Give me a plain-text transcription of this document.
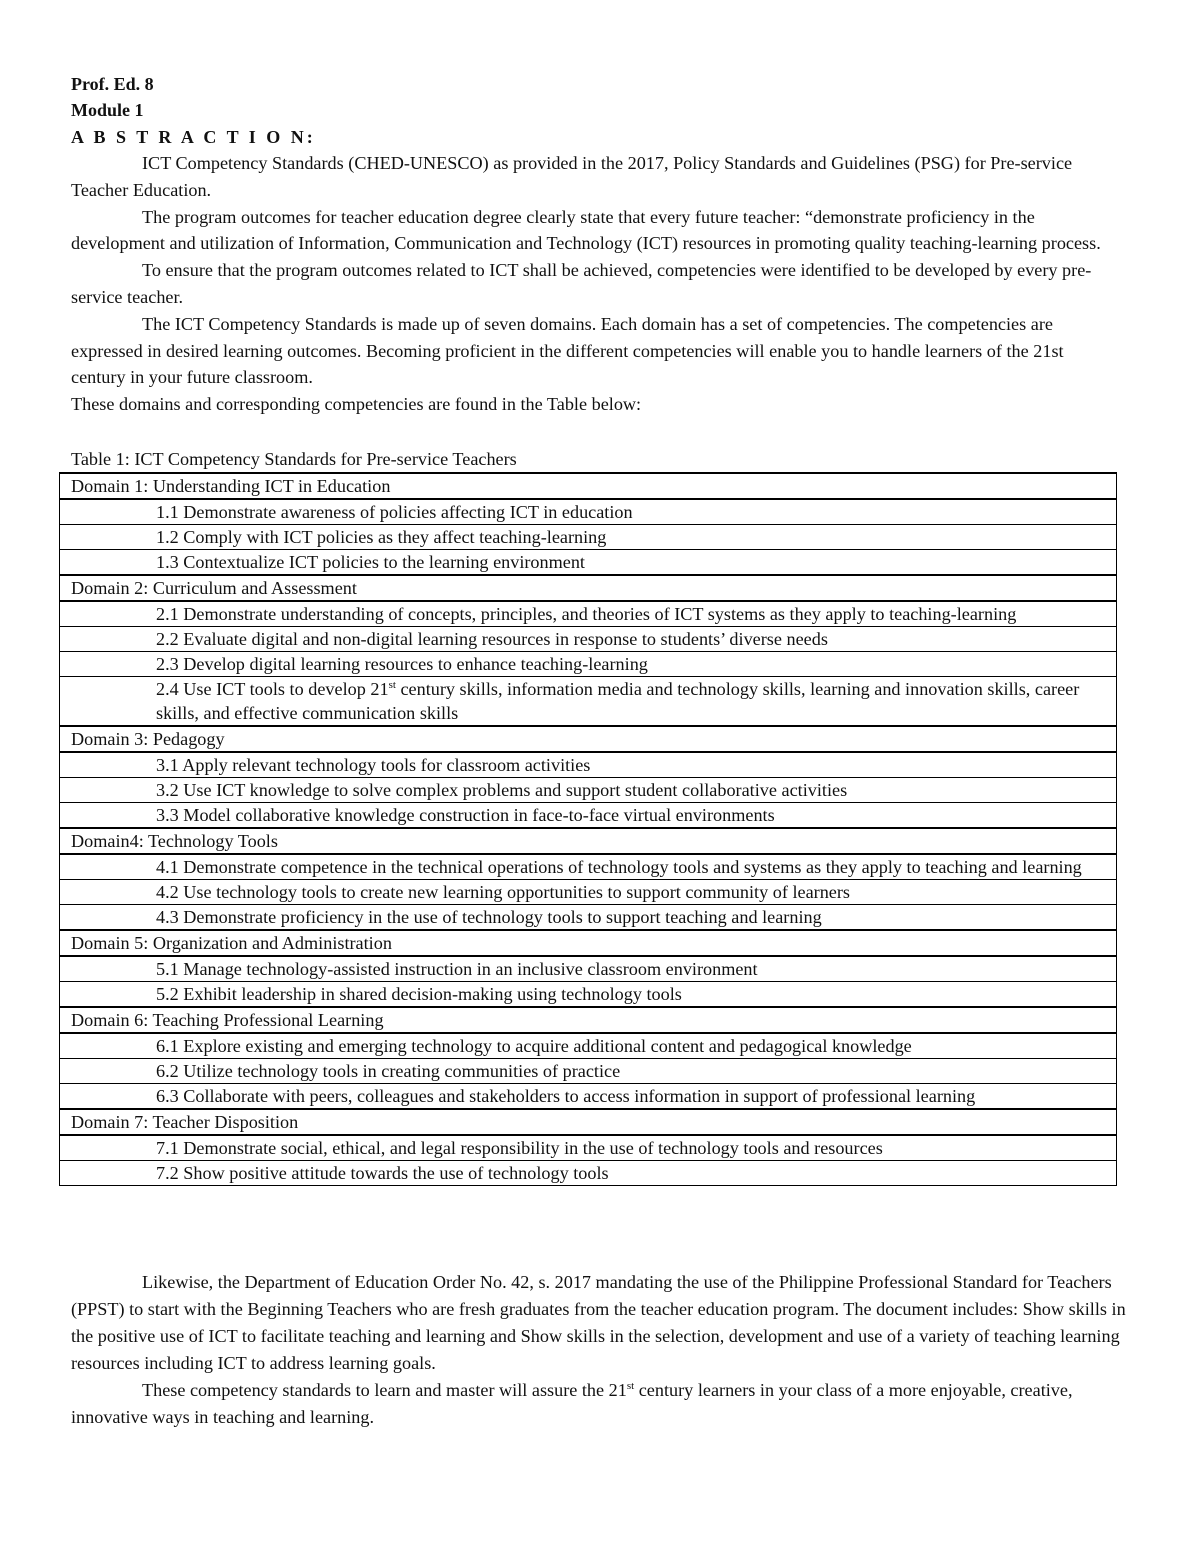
Prof. Ed. 8
Module 1
A B S T R A C T I O N:

ICT Competency Standards (CHED-UNESCO) as provided in the 2017, Policy Standards and Guidelines (PSG) for Pre-service Teacher Education.

The program outcomes for teacher education degree clearly state that every future teacher: “demonstrate proficiency in the development and utilization of Information, Communication and Technology (ICT) resources in promoting quality teaching-learning process.

To ensure that the program outcomes related to ICT shall be achieved, competencies were identified to be developed by every pre-service teacher.

The ICT Competency Standards is made up of seven domains. Each domain has a set of competencies. The competencies are expressed in desired learning outcomes. Becoming proficient in the different competencies will enable you to handle learners of the 21st century in your future classroom.

These domains and corresponding competencies are found in the Table below:

Table 1: ICT Competency Standards for Pre-service Teachers
Domain 1: Understanding ICT in Education
1.1 Demonstrate awareness of policies affecting ICT in education
1.2 Comply with ICT policies as they affect teaching-learning
1.3 Contextualize ICT policies to the learning environment
Domain 2: Curriculum and Assessment
2.1 Demonstrate understanding of concepts, principles, and theories of ICT systems as they apply to teaching-learning
2.2 Evaluate digital and non-digital learning resources in response to students’ diverse needs
2.3 Develop digital learning resources to enhance teaching-learning
2.4 Use ICT tools to develop 21st century skills, information media and technology skills, learning and innovation skills, career skills, and effective communication skills
Domain 3: Pedagogy
3.1 Apply relevant technology tools for classroom activities
3.2 Use ICT knowledge to solve complex problems and support student collaborative activities
3.3 Model collaborative knowledge construction in face-to-face virtual environments
Domain4: Technology Tools
4.1 Demonstrate competence in the technical operations of technology tools and systems as they apply to teaching and learning
4.2 Use technology tools to create new learning opportunities to support community of learners
4.3 Demonstrate proficiency in the use of technology tools to support teaching and learning
Domain 5: Organization and Administration
5.1 Manage technology-assisted instruction in an inclusive classroom environment
5.2 Exhibit leadership in shared decision-making using technology tools
Domain 6: Teaching Professional Learning
6.1 Explore existing and emerging technology to acquire additional content and pedagogical knowledge
6.2 Utilize technology tools in creating communities of practice
6.3 Collaborate with peers, colleagues and stakeholders to access information in support of professional learning
Domain 7: Teacher Disposition
7.1 Demonstrate social, ethical, and legal responsibility in the use of technology tools and resources
7.2 Show positive attitude towards the use of technology tools

Likewise, the Department of Education Order No. 42, s. 2017 mandating the use of the Philippine Professional Standard for Teachers (PPST) to start with the Beginning Teachers who are fresh graduates from the teacher education program. The document includes: Show skills in the positive use of ICT to facilitate teaching and learning and Show skills in the selection, development and use of a variety of teaching learning resources including ICT to address learning goals.

These competency standards to learn and master will assure the 21st century learners in your class of a more enjoyable, creative, innovative ways in teaching and learning.
